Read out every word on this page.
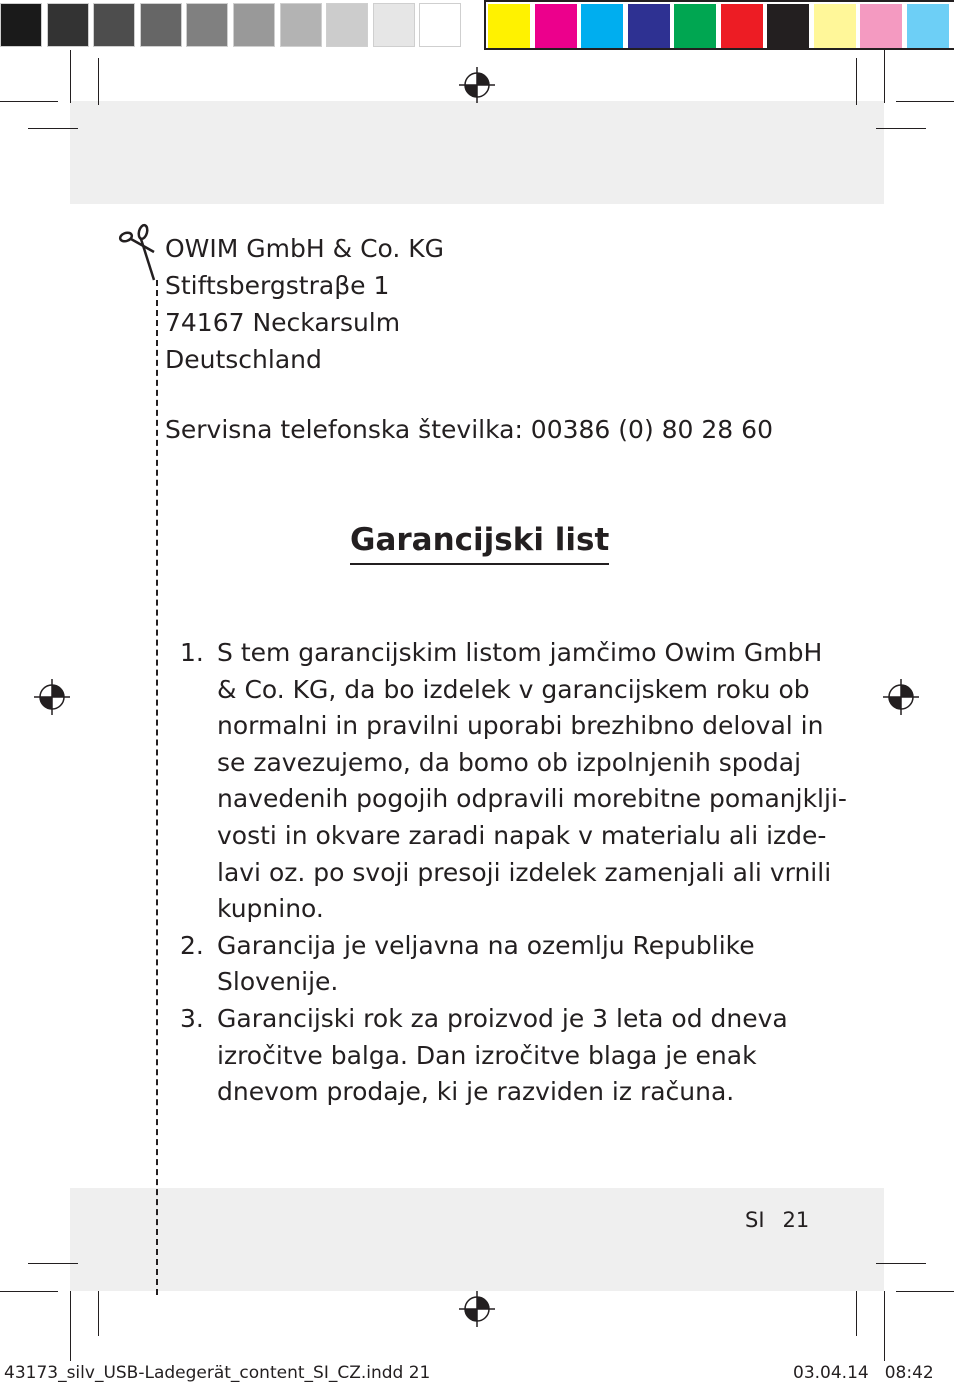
OWIM GmbH & Co. KG
Stiftsbergstraβe 1
74167 Neckarsulm
Deutschland
Servisna telefonska številka: 00386 (0) 80 28 60
Garancijski list
1. S tem garancijskim listom jamčimo Owim GmbH
& Co. KG, da bo izdelek v garancijskem roku ob
normalni in pravilni uporabi brezhibno deloval in
se zavezujemo, da bomo ob izpolnjenih spodaj
navedenih pogojih odpravili morebitne pomanjklji-
vosti in okvare zaradi napak v materialu ali izde-
lavi oz. po svoji presoji izdelek zamenjali ali vrnili
kupnino.
2. Garancija je veljavna na ozemlju Republike
Slovenije.
3. Garancijski rok za proizvod je 3 leta od dneva
izročitve balga. Dan izročitve blaga je enak
dnevom prodaje, ki je razviden iz računa.
SI 21
43173_silv_USB-Ladegerät_content_SI_CZ.indd 21	03.04.14 08:42
